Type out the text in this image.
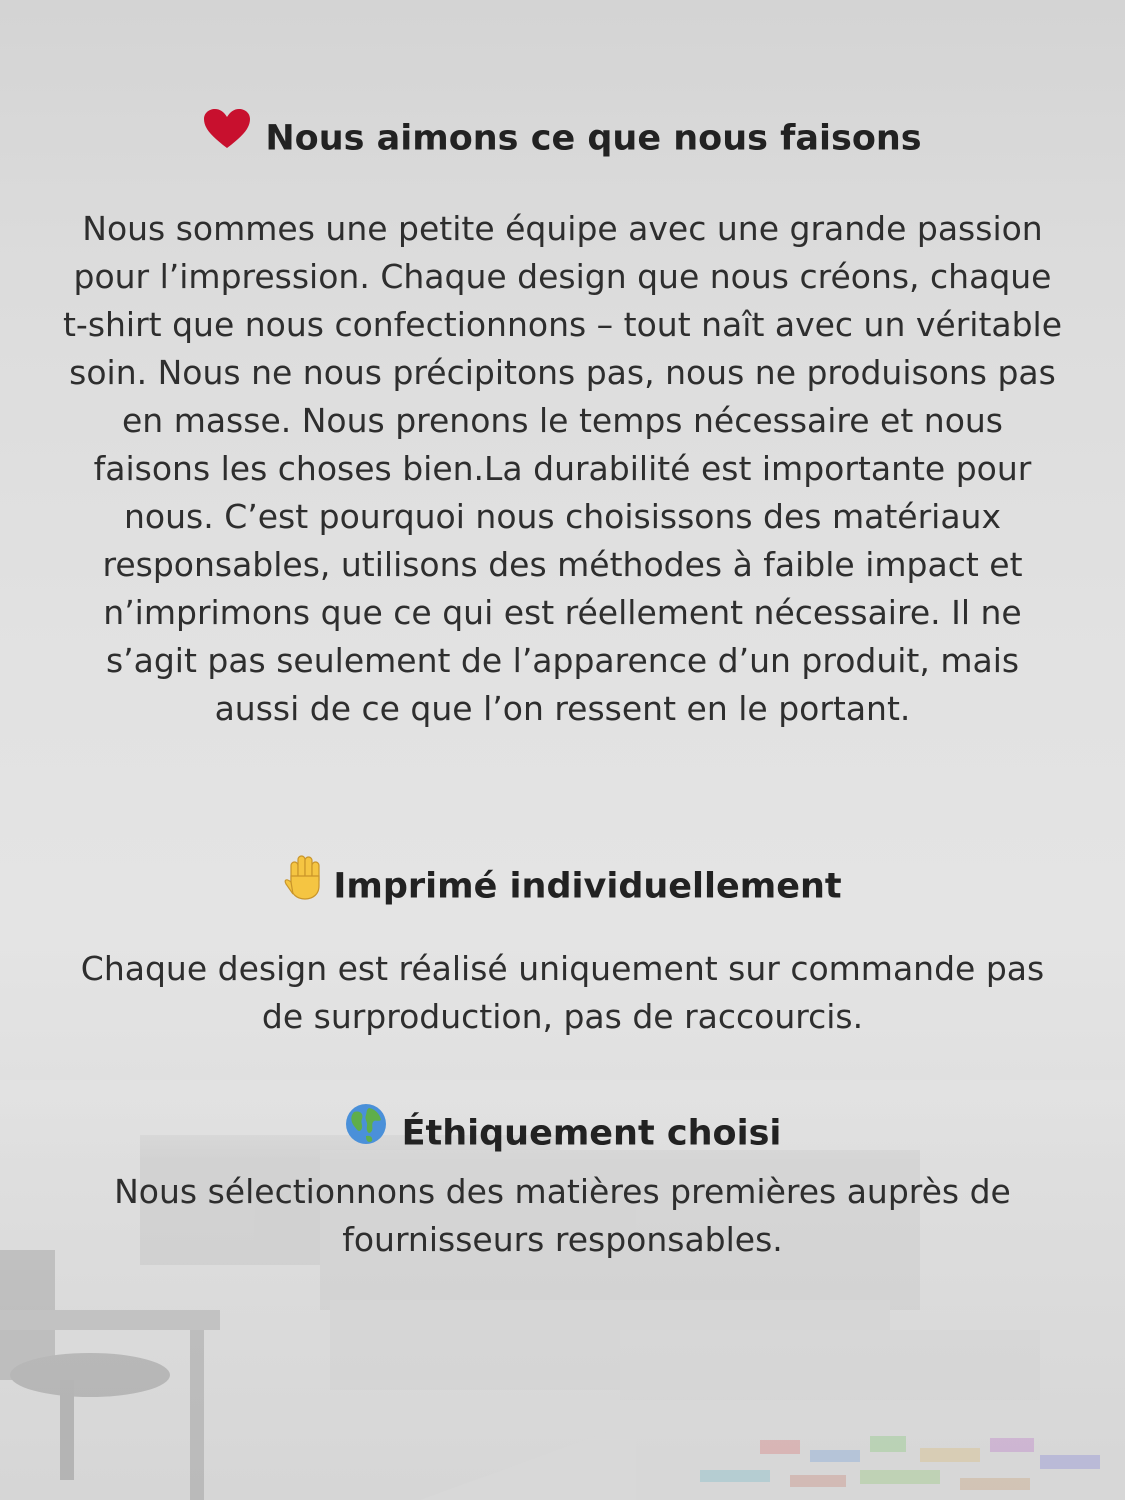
Nous aimons ce que nous faisons

Nous sommes une petite équipe avec une grande passion pour l’impression. Chaque design que nous créons, chaque t-shirt que nous confectionnons – tout naît avec un véritable soin. Nous ne nous précipitons pas, nous ne produisons pas en masse. Nous prenons le temps nécessaire et nous faisons les choses bien.La durabilité est importante pour nous. C’est pourquoi nous choisissons des matériaux responsables, utilisons des méthodes à faible impact et n’imprimons que ce qui est réellement nécessaire. Il ne s’agit pas seulement de l’apparence d’un produit, mais aussi de ce que l’on ressent en le portant.

Imprimé individuellement

Chaque design est réalisé uniquement sur commande pas de surproduction, pas de raccourcis.

Éthiquement choisi

Nous sélectionnons des matières premières auprès de fournisseurs responsables.
